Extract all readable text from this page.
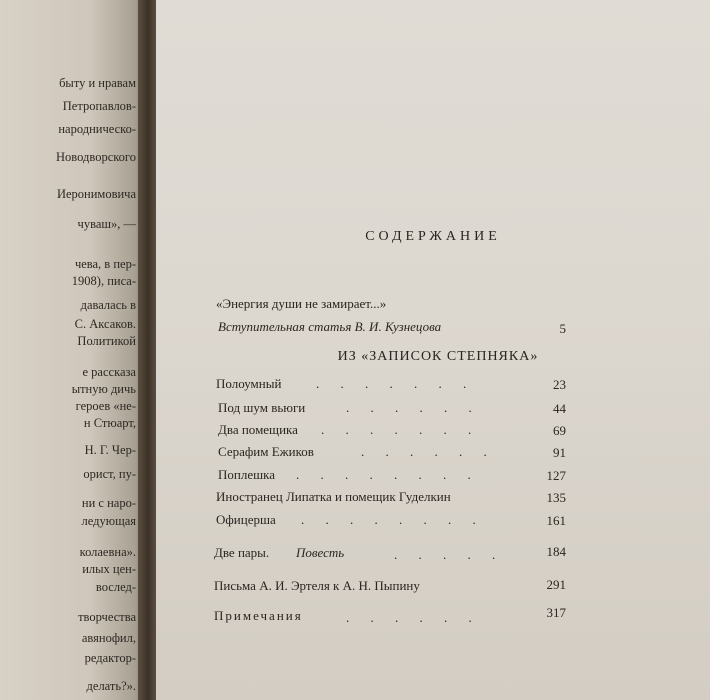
быту и нравам
Петропавлов-
народническо-
Новодворского
Иеронимовича
чуваш», —
чева, в пер-
1908), писа-
давалась в
С. Аксаков.
Политикой
е рассказа
ытную дичь
героев «не-
н Стюарт,
Н. Г. Чер-
орист, пу-
ни с наро-
ледующая
колаевна».
илых цен-
вослед-
творчества
авянофил,
редактор-
делать?».
СОДЕРЖАНИЕ
«Энергия души не замирает...»
Вступительная статья В. И. Кузнецова	5
ИЗ «ЗАПИСОК СТЕПНЯКА»
Полоумный	. . . . . . .	23
Под шум вьюги	. . . . . .	44
Два помещика . . . . . . .	69
Серафим Ежиков	. . . . . .	91
Поплешка . . . . . . . .	127
Иностранец Липатка и помещик Гуделкин	135
Офицерша . . . . . . . .	161
Две пары. Повесть	. . . . .	184
Письма А. И. Эртеля к А. Н. Пыпину	291
Примечания	. . . . . .	317
